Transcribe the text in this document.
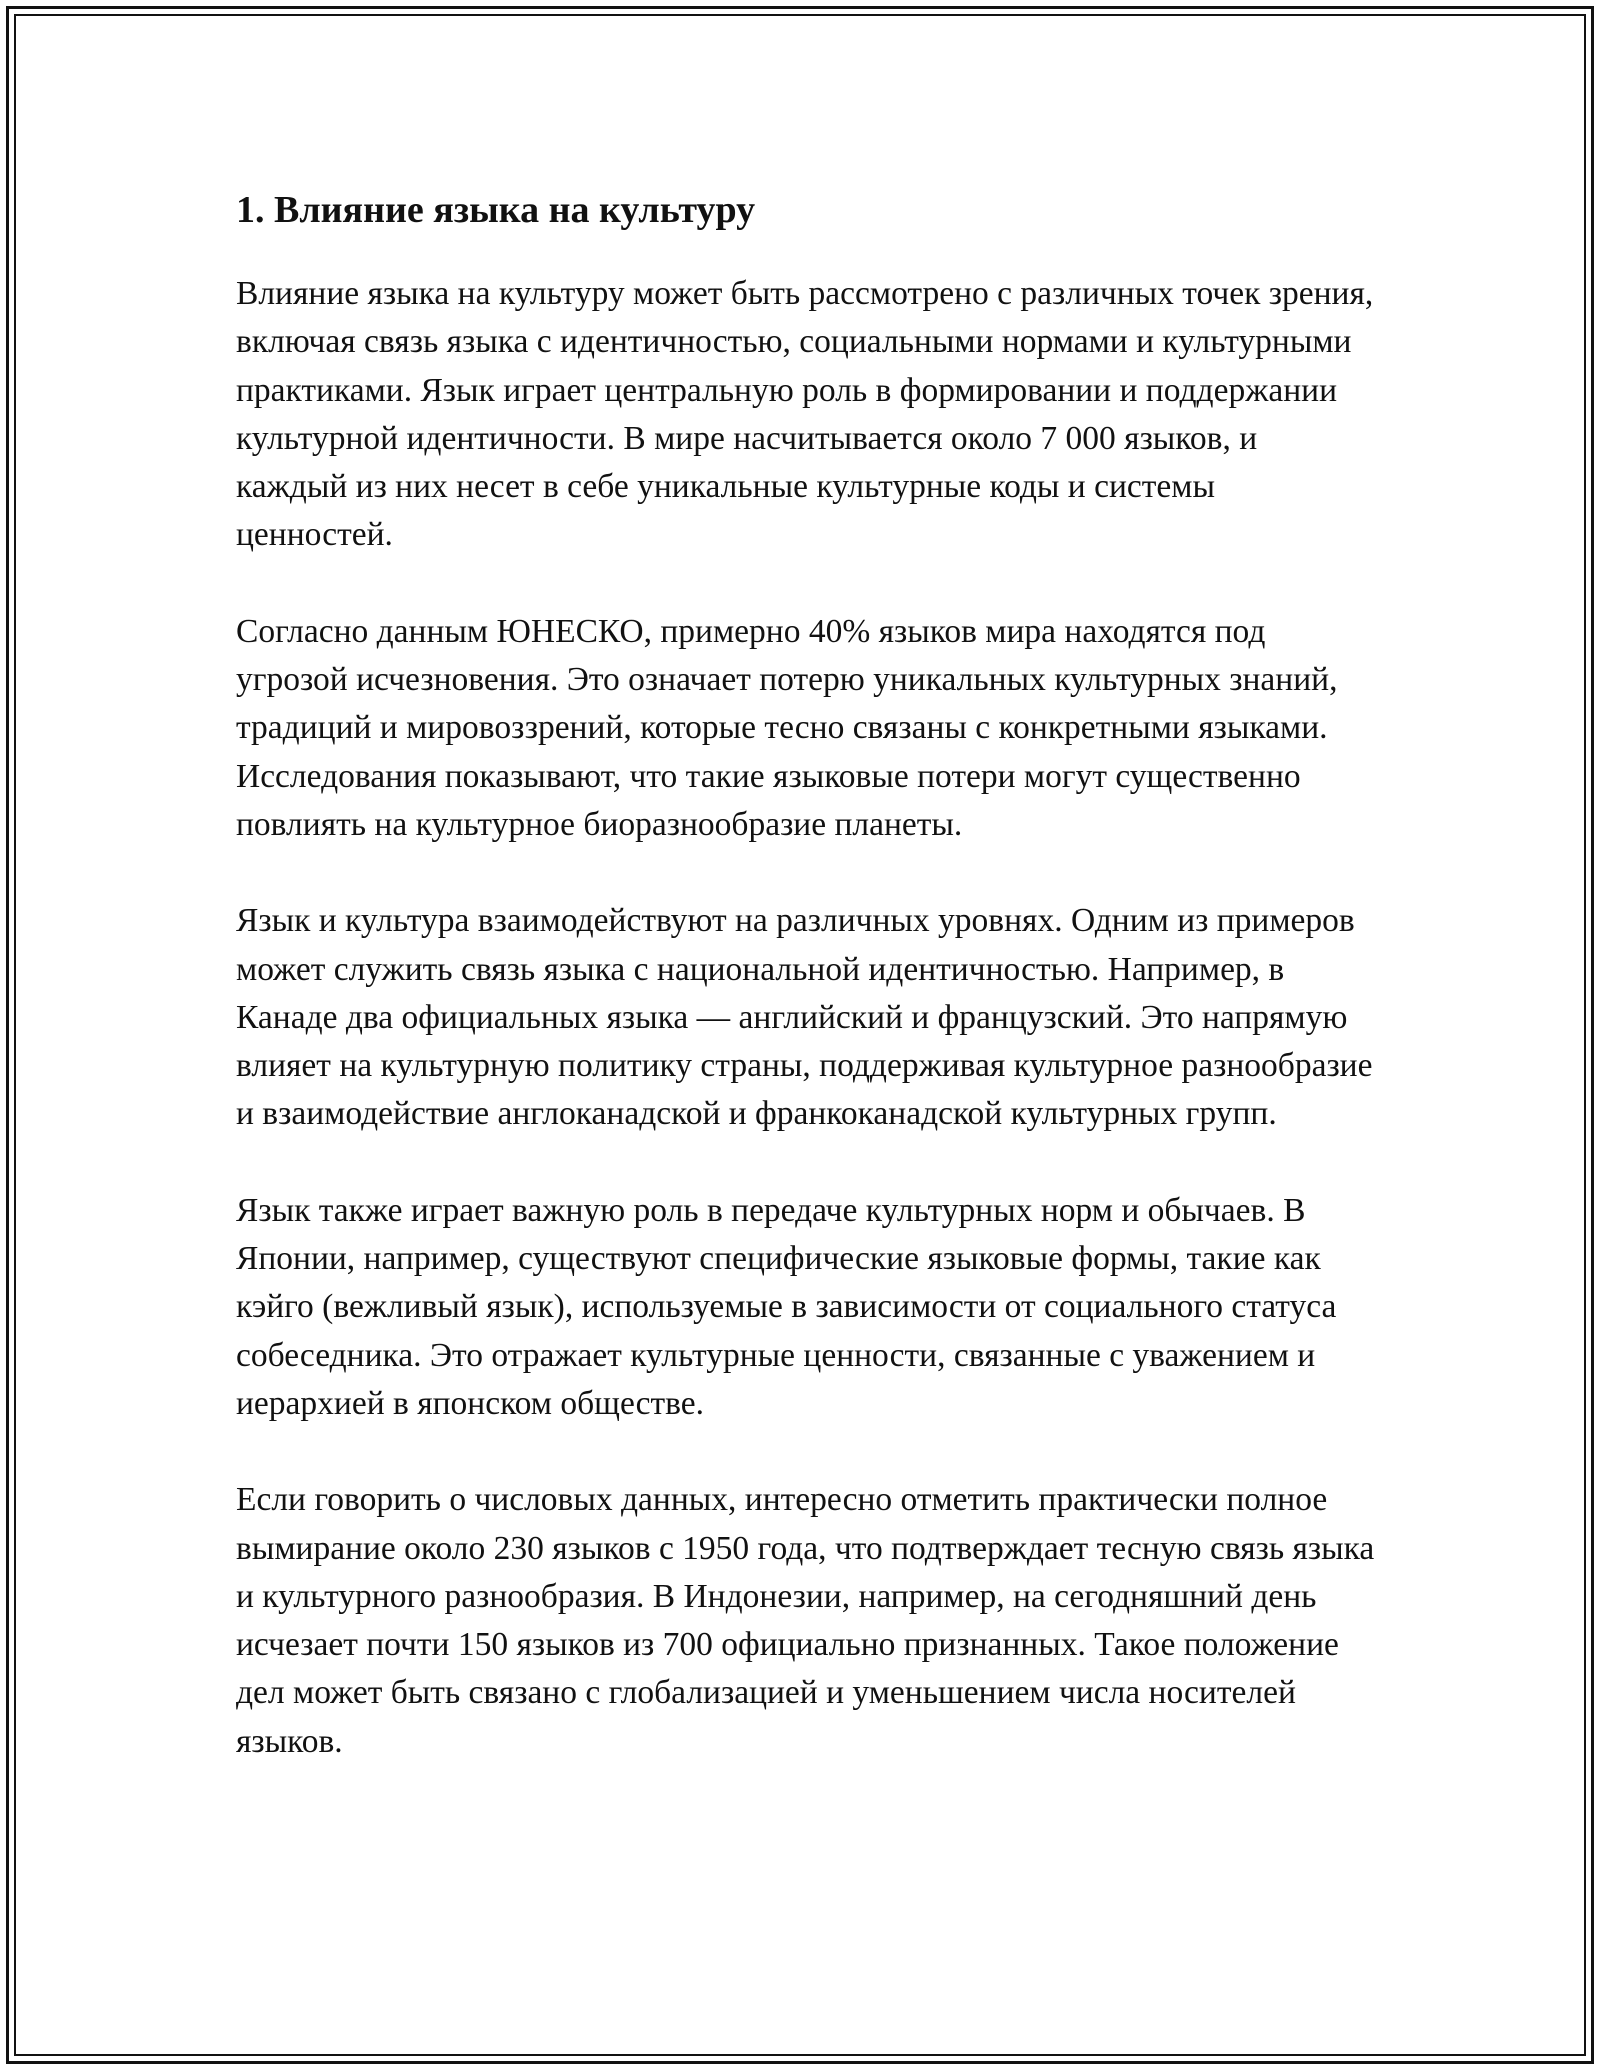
1. Влияние языка на культуру

Влияние языка на культуру может быть рассмотрено с различных точек зрения, включая связь языка с идентичностью, социальными нормами и культурными практиками. Язык играет центральную роль в формировании и поддержании культурной идентичности. В мире насчитывается около 7 000 языков, и каждый из них несет в себе уникальные культурные коды и системы ценностей.

Согласно данным ЮНЕСКО, примерно 40% языков мира находятся под угрозой исчезновения. Это означает потерю уникальных культурных знаний, традиций и мировоззрений, которые тесно связаны с конкретными языками. Исследования показывают, что такие языковые потери могут существенно повлиять на культурное биоразнообразие планеты.

Язык и культура взаимодействуют на различных уровнях. Одним из примеров может служить связь языка с национальной идентичностью. Например, в Канаде два официальных языка — английский и французский. Это напрямую влияет на культурную политику страны, поддерживая культурное разнообразие и взаимодействие англоканадской и франкоканадской культурных групп.

Язык также играет важную роль в передаче культурных норм и обычаев. В Японии, например, существуют специфические языковые формы, такие как кэйго (вежливый язык), используемые в зависимости от социального статуса собеседника. Это отражает культурные ценности, связанные с уважением и иерархией в японском обществе.

Если говорить о числовых данных, интересно отметить практически полное вымирание около 230 языков с 1950 года, что подтверждает тесную связь языка и культурного разнообразия. В Индонезии, например, на сегодняшний день исчезает почти 150 языков из 700 официально признанных. Такое положение дел может быть связано с глобализацией и уменьшением числа носителей языков.
